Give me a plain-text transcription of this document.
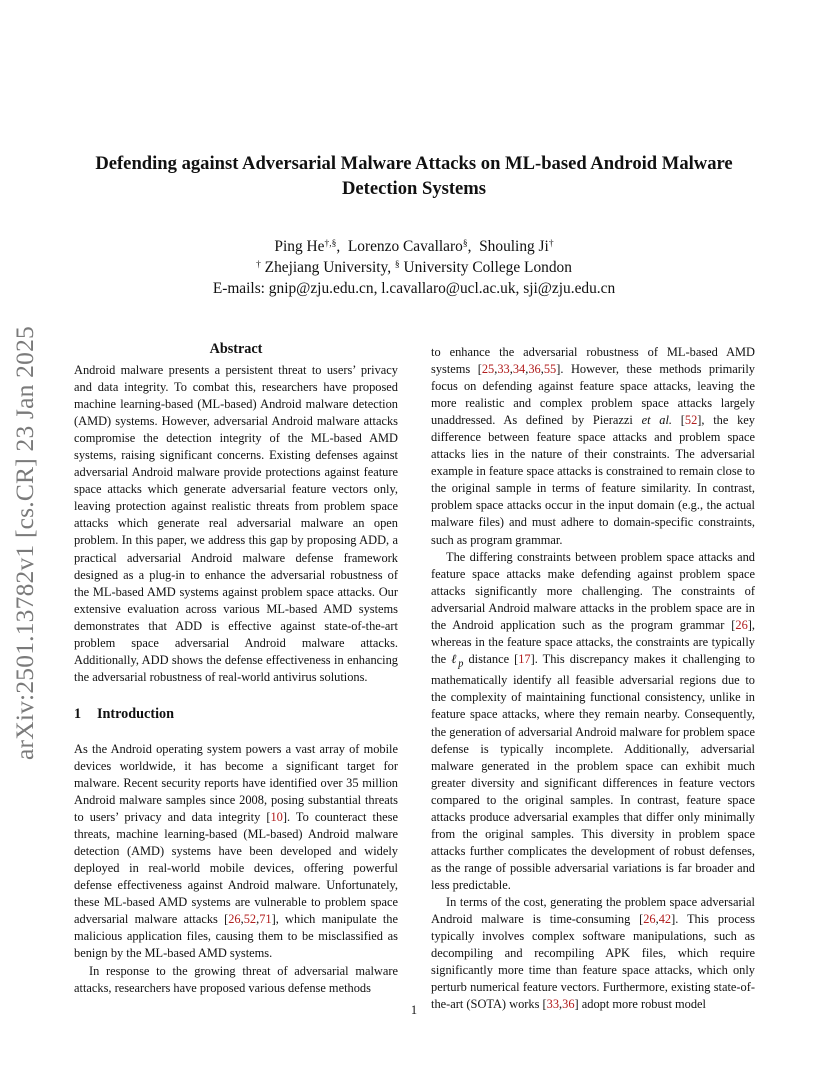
arXiv:2501.13782v1 [cs.CR] 23 Jan 2025
Defending against Adversarial Malware Attacks on ML-based Android Malware Detection Systems
Ping He†,§, Lorenzo Cavallaro§, Shouling Ji†
† Zhejiang University, § University College London
E-mails: gnip@zju.edu.cn, l.cavallaro@ucl.ac.uk, sji@zju.edu.cn
Abstract

Android malware presents a persistent threat to users’ privacy and data integrity. To combat this, researchers have proposed machine learning-based (ML-based) Android malware detection (AMD) systems. However, adversarial Android malware attacks compromise the detection integrity of the ML-based AMD systems, raising significant concerns. Existing defenses against adversarial Android malware provide protections against feature space attacks which generate adversarial feature vectors only, leaving protection against realistic threats from problem space attacks which generate real adversarial malware an open problem. In this paper, we address this gap by proposing ADD, a practical adversarial Android malware defense framework designed as a plug-in to enhance the adversarial robustness of the ML-based AMD systems against problem space attacks. Our extensive evaluation across various ML-based AMD systems demonstrates that ADD is effective against state-of-the-art problem space adversarial Android malware attacks. Additionally, ADD shows the defense effectiveness in enhancing the adversarial robustness of real-world antivirus solutions.

1 Introduction

As the Android operating system powers a vast array of mobile devices worldwide, it has become a significant target for malware. Recent security reports have identified over 35 million Android malware samples since 2008, posing substantial threats to users’ privacy and data integrity [10]. To counteract these threats, machine learning-based (ML-based) Android malware detection (AMD) systems have been developed and widely deployed in real-world mobile devices, offering powerful defense effectiveness against Android malware. Unfortunately, these ML-based AMD systems are vulnerable to problem space adversarial malware attacks [26,52,71], which manipulate the malicious application files, causing them to be misclassified as benign by the ML-based AMD systems.

In response to the growing threat of adversarial malware attacks, researchers have proposed various defense methods

to enhance the adversarial robustness of ML-based AMD systems [25,33,34,36,55]. However, these methods primarily focus on defending against feature space attacks, leaving the more realistic and complex problem space attacks largely unaddressed. As defined by Pierazzi et al. [52], the key difference between feature space attacks and problem space attacks lies in the nature of their constraints. The adversarial example in feature space attacks is constrained to remain close to the original sample in terms of feature similarity. In contrast, problem space attacks occur in the input domain (e.g., the actual malware files) and must adhere to domain-specific constraints, such as program grammar.

The differing constraints between problem space attacks and feature space attacks make defending against problem space attacks significantly more challenging. The constraints of adversarial Android malware attacks in the problem space are in the Android application such as the program grammar [26], whereas in the feature space attacks, the constraints are typically the ℓ$_p$ distance [17]. This discrepancy makes it challenging to mathematically identify all feasible adversarial regions due to the complexity of maintaining functional consistency, unlike in feature space attacks, where they remain nearby. Consequently, the generation of adversarial Android malware for problem space defense is typically incomplete. Additionally, adversarial malware generated in the problem space can exhibit much greater diversity and significant differences in feature vectors compared to the original samples. In contrast, feature space attacks produce adversarial examples that differ only minimally from the original samples. This diversity in problem space attacks further complicates the development of robust defenses, as the range of possible adversarial variations is far broader and less predictable.

In terms of the cost, generating the problem space adversarial Android malware is time-consuming [26,42]. This process typically involves complex software manipulations, such as decompiling and recompiling APK files, which require significantly more time than feature space attacks, which only perturb numerical feature vectors. Furthermore, existing state-of-the-art (SOTA) works [33,36] adopt more robust model

1
